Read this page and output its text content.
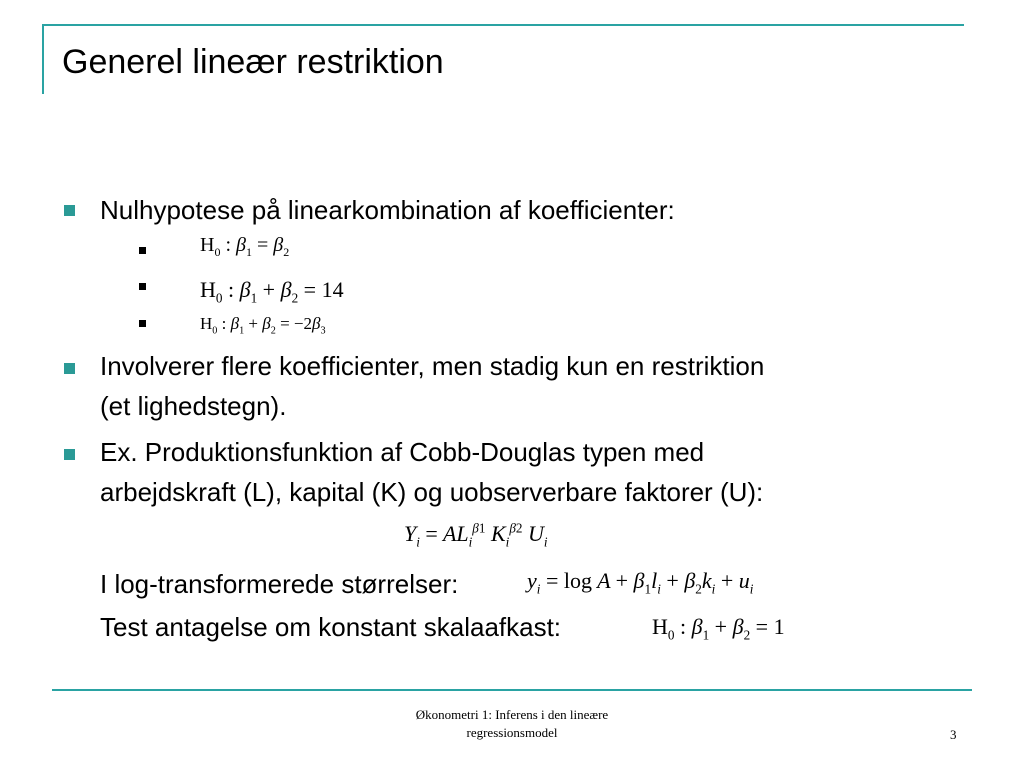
Generel lineær restriktion
Nulhypotese på linearkombination af koefficienter:
$H_0$ : $\beta_1 = \beta_2$
$H_0$ : $\beta_1 + \beta_2 = 14$
$H_0$ : $\beta_1 + \beta_2 = -2\beta_3$
Involverer flere koefficienter, men stadig kun en restriktion
(et lighedstegn).
Ex. Produktionsfunktion af Cobb-Douglas typen med
arbejdskraft (L), kapital (K) og uobserverbare faktorer (U):
$Y_i = AL_i^{\beta 1}$ $K_i^{\beta 2}$ $U_i$
I log-transformerede størrelser:	$y_i = \log A + \beta_1l_i + \beta_2k_i + u_i$
Test antagelse om konstant skalaafkast:	$H_0$ : $\beta_1 + \beta_2 = 1$
Økonometri 1: Inferens i den lineære
regressionsmodel	3
